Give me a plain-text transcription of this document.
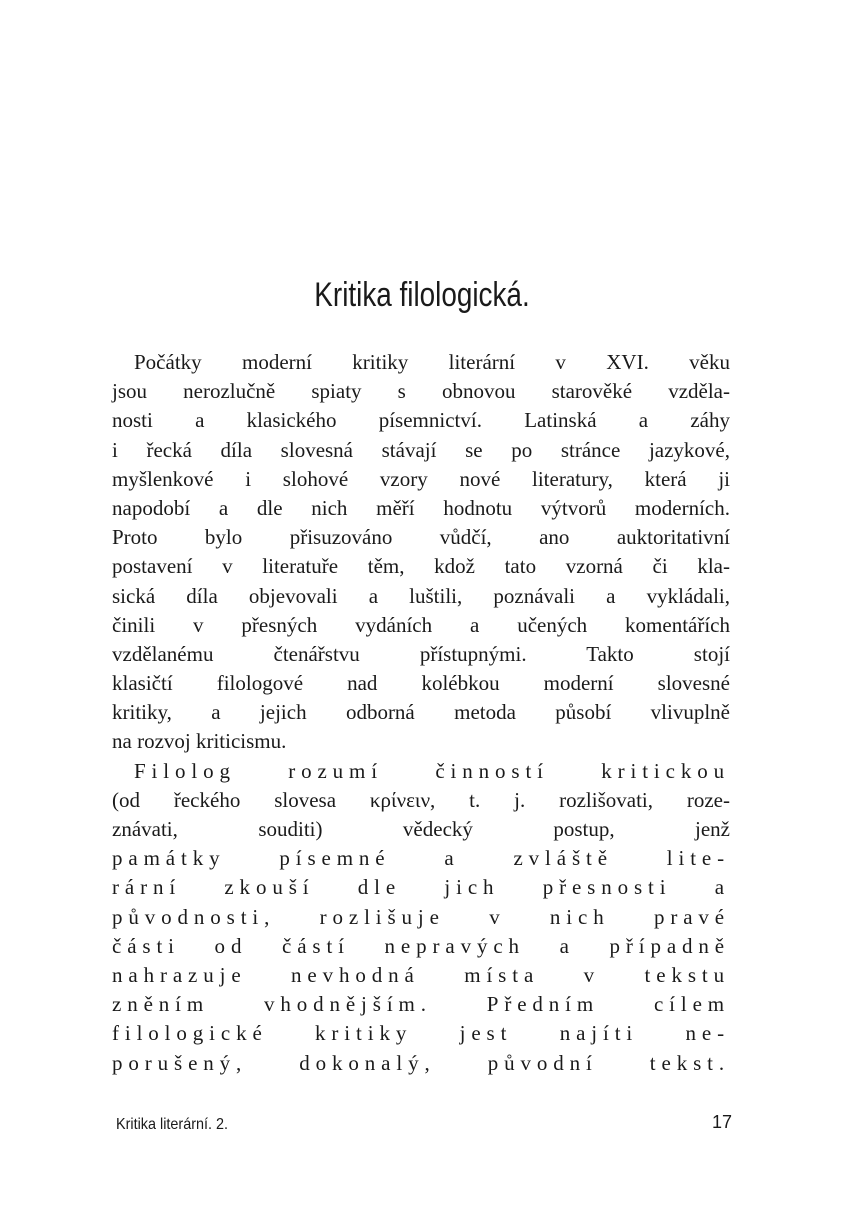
Kritika filologická.
Počátky moderní kritiky literární v XVI. věku
jsou nerozlučně spiaty s obnovou starověké vzděla-
nosti a klasického písemnictví. Latinská a záhy
i řecká díla slovesná stávají se po stránce jazykové,
myšlenkové i slohové vzory nové literatury, která ji
napodobí a dle nich měří hodnotu výtvorů moderních.
Proto bylo přisuzováno vůdčí, ano auktoritativní
postavení v literatuře těm, kdož tato vzorná či kla-
sická díla objevovali a luštili, poznávali a vykládali,
činili v přesných vydáních a učených komentářích
vzdělanému čtenářstvu přístupnými. Takto stojí
klasičtí filologové nad kolébkou moderní slovesné
kritiky, a jejich odborná metoda působí vlivuplně
na rozvoj kriticismu.
Filolog rozumí činností kritickou
(od řeckého slovesa κρίνειν, t. j. rozlišovati, roze-
znávati, souditi) vědecký postup, jenž
památky písemné a zvláště lite-
rární zkouší dle jich přesnosti a
původnosti, rozlišuje v nich pravé
části od částí nepravých a případně
nahrazuje nevhodná místa v tekstu
zněním vhodnějším. Předním cílem
filologické kritiky jest najíti ne-
porušený, dokonalý, původní tekst.
Kritika literární. 2.	17
